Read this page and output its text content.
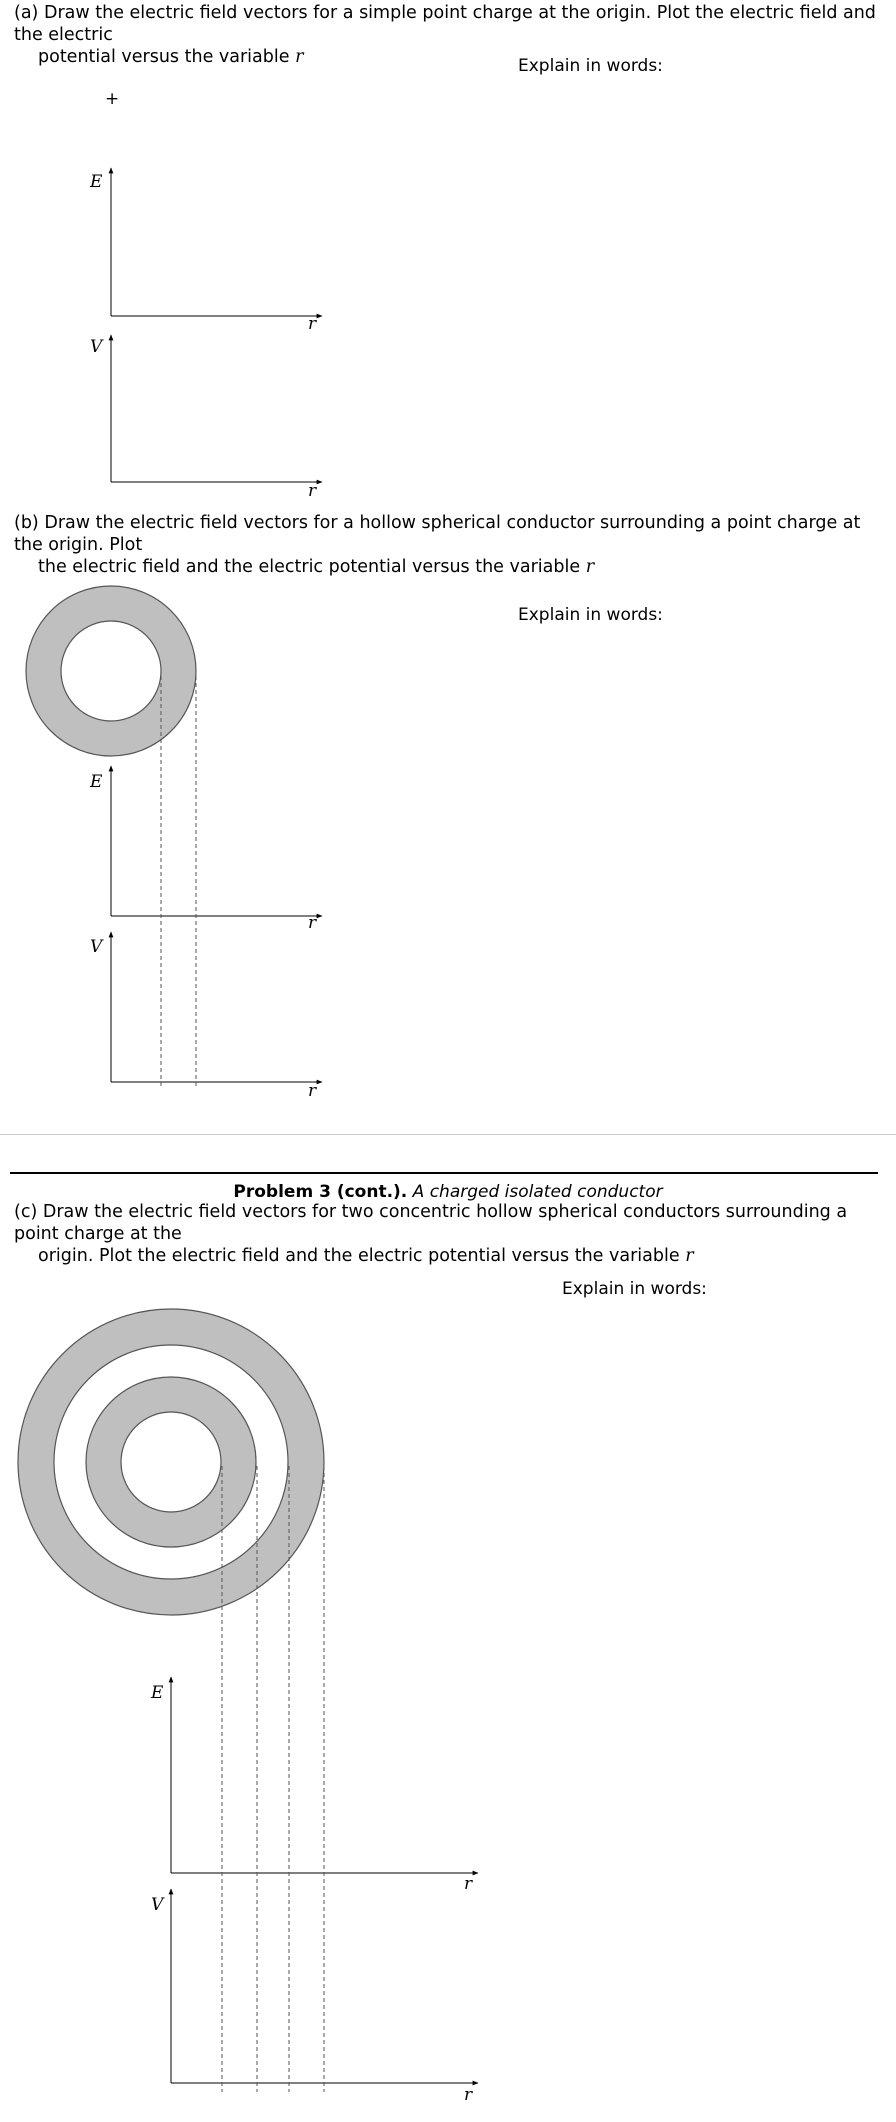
(a) Draw the electric field vectors for a simple point charge at the origin. Plot the electric field and the electric
potential versus the variable r	Explain in words:
+
E
r
V
r
(b) Draw the electric field vectors for a hollow spherical conductor surrounding a point charge at the origin. Plot
the electric field and the electric potential versus the variable r
Explain in words:
E
r
V
r
Problem 3 (cont.). A charged isolated conductor
(c) Draw the electric field vectors for two concentric hollow spherical conductors surrounding a point charge at the
origin. Plot the electric field and the electric potential versus the variable r
Explain in words:
E
r
V
r
